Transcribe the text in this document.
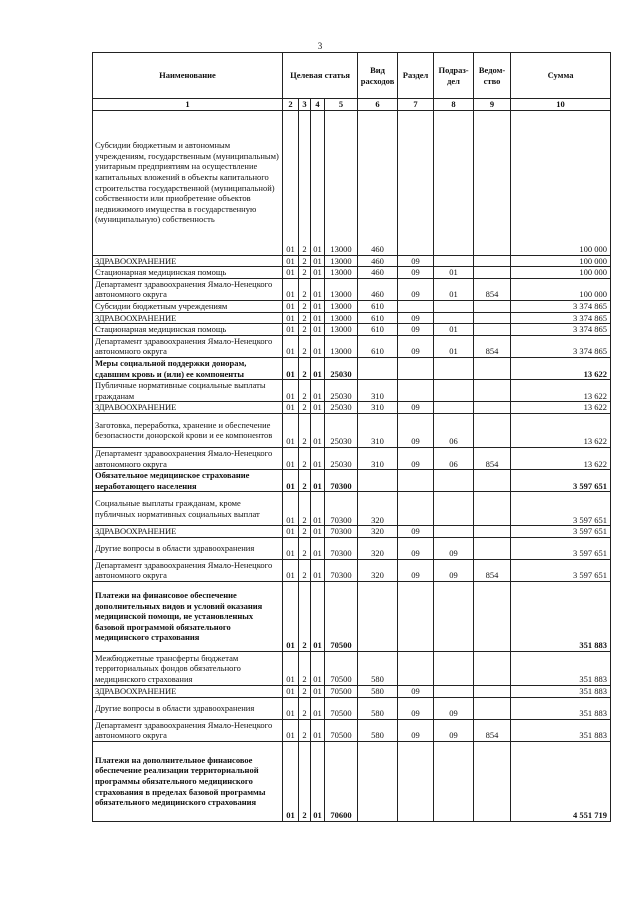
3
Наименование	Целевая статья				Вид расходов	Раздел	Подраз-дел	Ведом-ство	Сумма
1	2	3	4	5	6	7	8	9	10
Субсидии бюджетным и автономным учреждениям, государственным (муниципальным) унитарным предприятиям на осуществление капитальных вложений в объекты капитального строительства государственной (муниципальной) собственности или приобретение объектов недвижимого имущества в государственную (муниципальную) собственность	01	2	01	13000	460				100 000
ЗДРАВООХРАНЕНИЕ	01	2	01	13000	460	09			100 000
Стационарная медицинская помощь	01	2	01	13000	460	09	01		100 000
Департамент здравоохранения Ямало-Ненецкого автономного округа	01	2	01	13000	460	09	01	854	100 000
Субсидии бюджетным учреждениям	01	2	01	13000	610				3 374 865
ЗДРАВООХРАНЕНИЕ	01	2	01	13000	610	09			3 374 865
Стационарная медицинская помощь	01	2	01	13000	610	09	01		3 374 865
Департамент здравоохранения Ямало-Ненецкого автономного округа	01	2	01	13000	610	09	01	854	3 374 865
Меры социальной поддержки донорам, сдавшим кровь и (или) ее компоненты	01	2	01	25030					13 622
Публичные нормативные социальные выплаты гражданам	01	2	01	25030	310				13 622
ЗДРАВООХРАНЕНИЕ	01	2	01	25030	310	09			13 622
Заготовка, переработка, хранение и обеспечение безопасности донорской крови и ее компонентов	01	2	01	25030	310	09	06		13 622
Департамент здравоохранения Ямало-Ненецкого автономного округа	01	2	01	25030	310	09	06	854	13 622
Обязательное медицинское страхование неработающего населения	01	2	01	70300					3 597 651
Социальные выплаты гражданам, кроме публичных нормативных социальных выплат	01	2	01	70300	320				3 597 651
ЗДРАВООХРАНЕНИЕ	01	2	01	70300	320	09			3 597 651
Другие вопросы в области здравоохранения	01	2	01	70300	320	09	09		3 597 651
Департамент здравоохранения Ямало-Ненецкого автономного округа	01	2	01	70300	320	09	09	854	3 597 651
Платежи на финансовое обеспечение дополнительных видов и условий оказания медицинской помощи, не установленных базовой программой обязательного медицинского страхования	01	2	01	70500					351 883
Межбюджетные трансферты бюджетам территориальных фондов обязательного медицинского страхования	01	2	01	70500	580				351 883
ЗДРАВООХРАНЕНИЕ	01	2	01	70500	580	09			351 883
Другие вопросы в области здравоохранения	01	2	01	70500	580	09	09		351 883
Департамент здравоохранения Ямало-Ненецкого автономного округа	01	2	01	70500	580	09	09	854	351 883
Платежи на дополнительное финансовое обеспечение реализации территориальной программы обязательного медицинского страхования в пределах базовой программы обязательного медицинского страхования	01	2	01	70600					4 551 719
